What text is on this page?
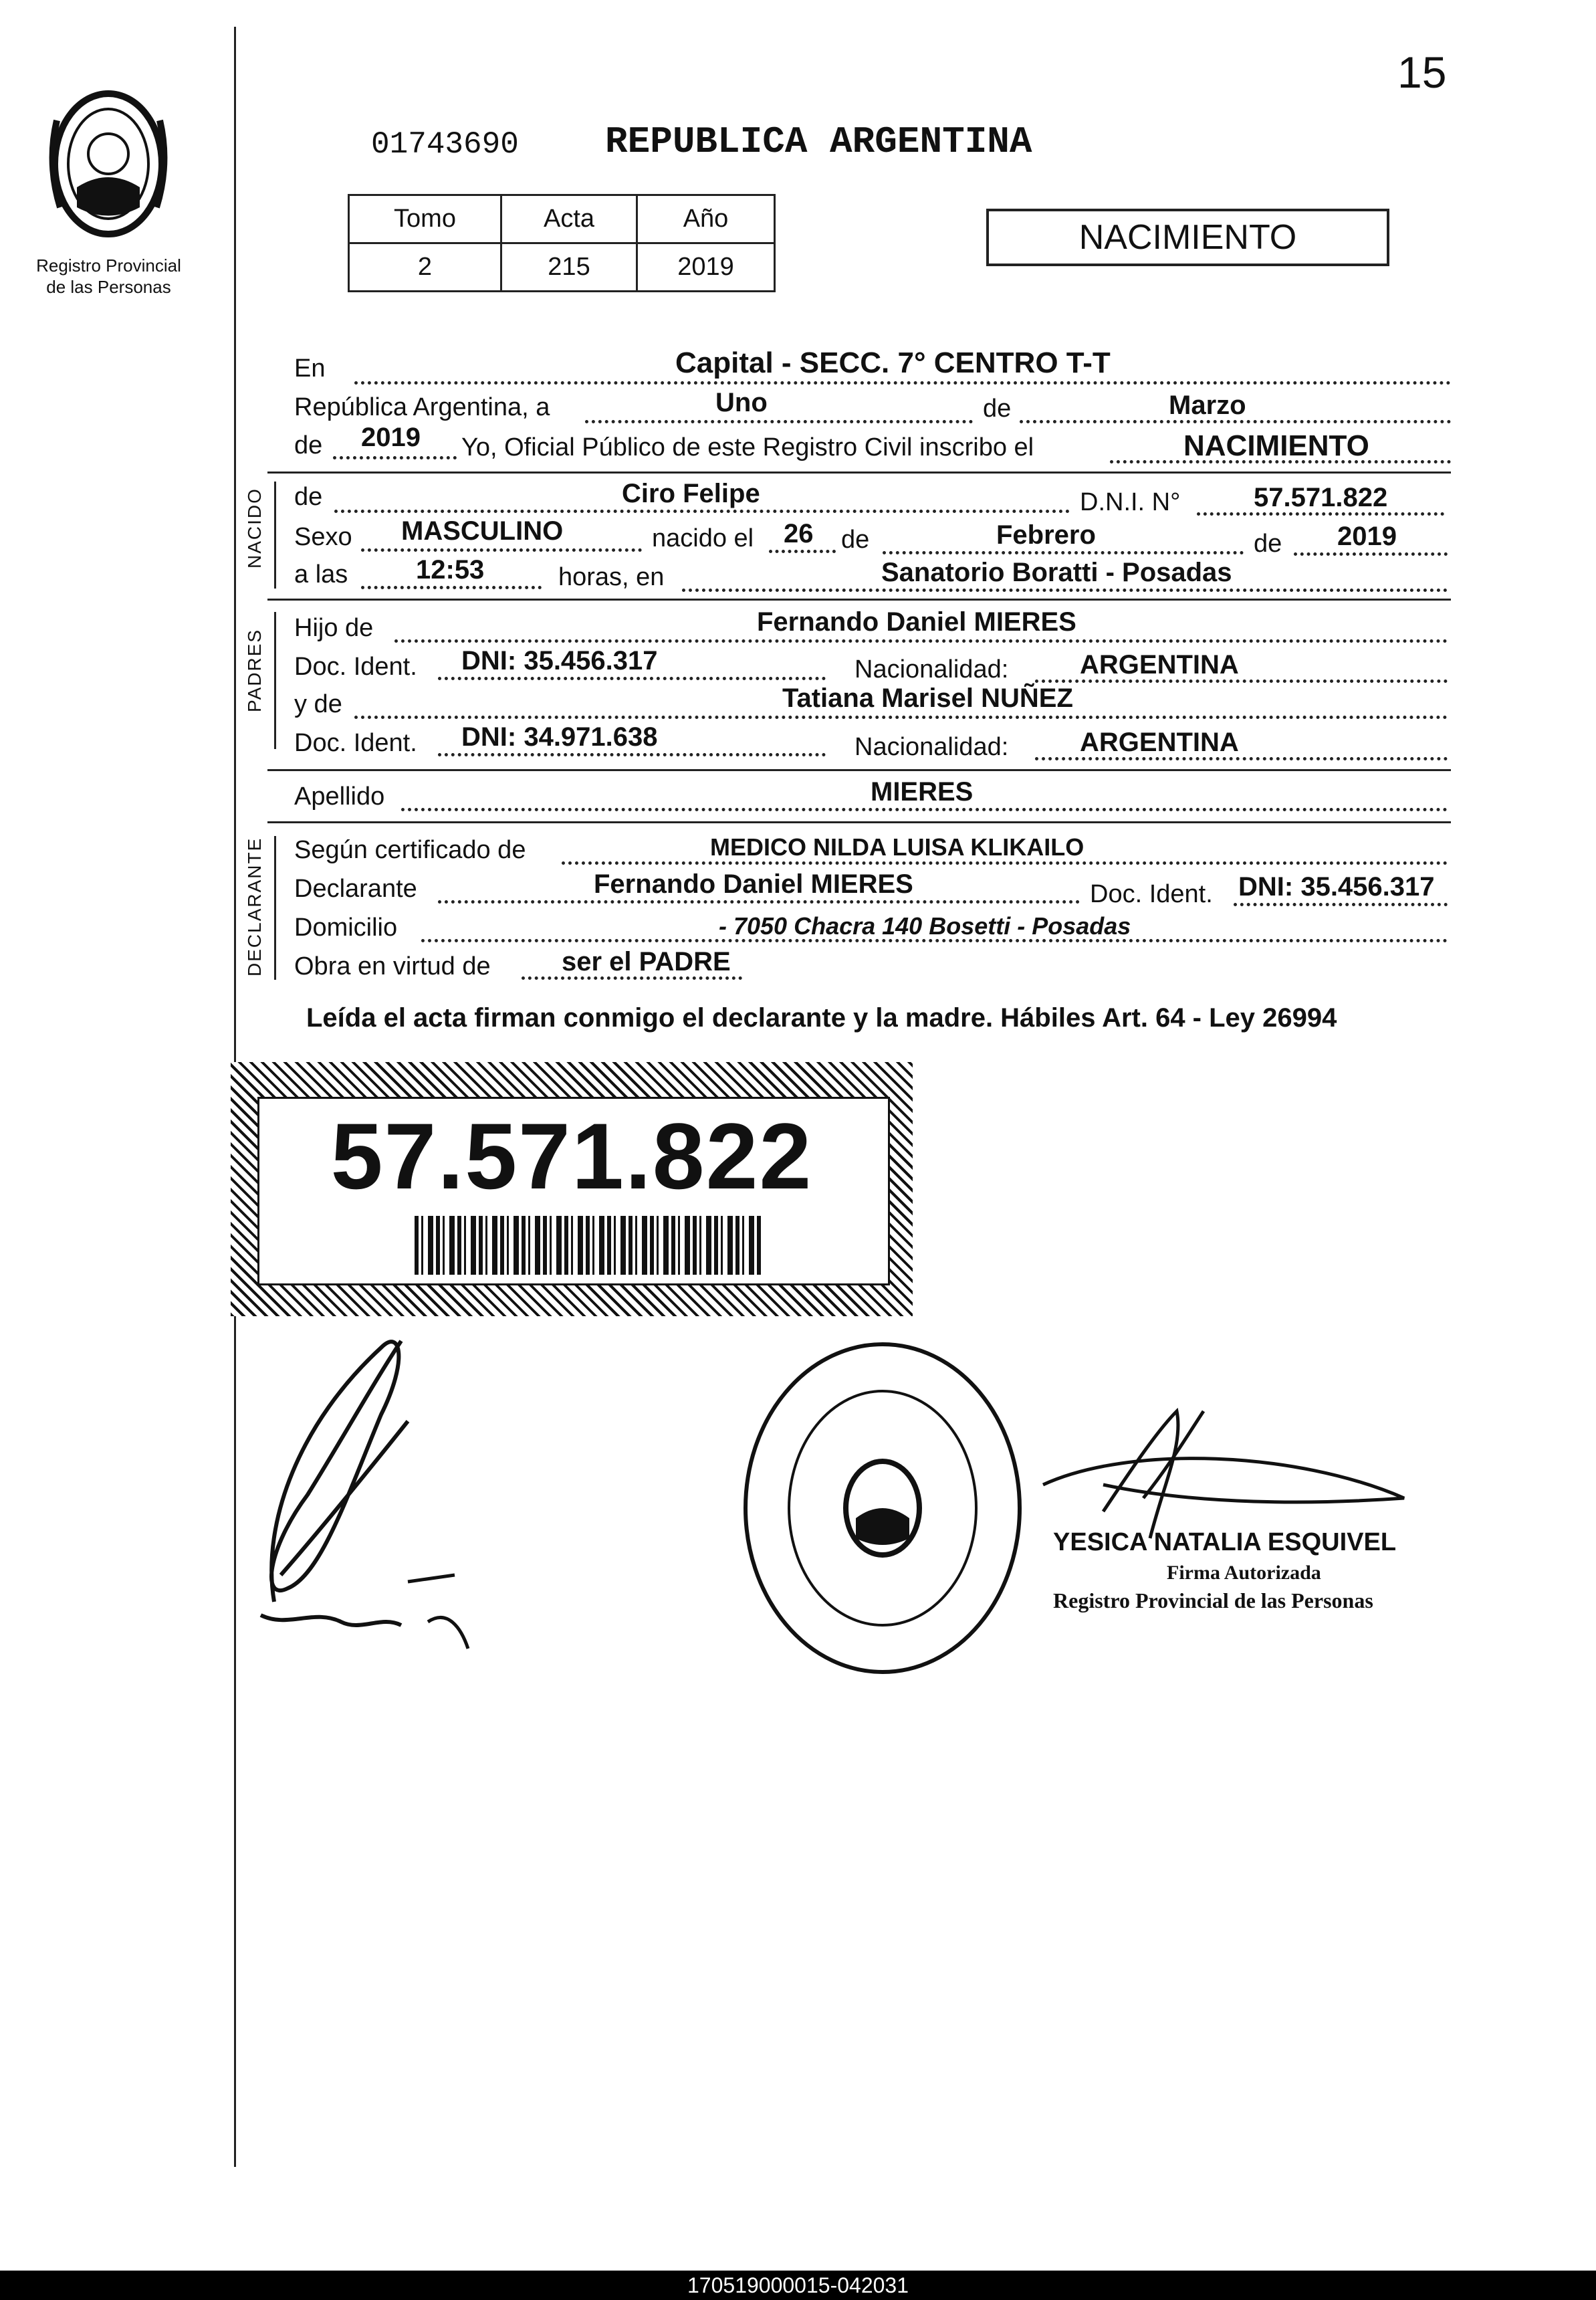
15
Registro Provincial
de las Personas
01743690 REPUBLICA ARGENTINA
Tomo	Acta	Año
2	215	2019
NACIMIENTO
En	Capital - SECC. 7° CENTRO T-T
República Argentina, a	Uno	de	Marzo
de 2019 Yo, Oficial Público de este Registro Civil inscribo el	NACIMIENTO
NACIDO de	Ciro Felipe	D.N.I. N°	57.571.822
Sexo MASCULINO	nacido el 26 de	Febrero	de 2019
a las	12:53	horas, en	Sanatorio Boratti - Posadas
PADRES
Hijo de	Fernando Daniel MIERES
Doc. Ident. DNI: 35.456.317	Nacionalidad:	ARGENTINA
y de	Tatiana Marisel NUÑEZ
Doc. Ident. DNI: 34.971.638	Nacionalidad:	ARGENTINA
Apellido	MIERES
DECLARANTE Según certificado de	MEDICO NILDA LUISA KLIKAILO
Declarante	Fernando Daniel MIERES	Doc. Ident. DNI: 35.456.317
Domicilio	- 7050 Chacra 140 Bosetti - Posadas
Obra en virtud de	ser el PADRE
Leída el acta firman conmigo el declarante y la madre. Hábiles Art. 64 - Ley 26994
57.571.822
YESICA NATALIA ESQUIVEL
Firma Autorizada
Registro Provincial de las Personas
170519000015-042031
